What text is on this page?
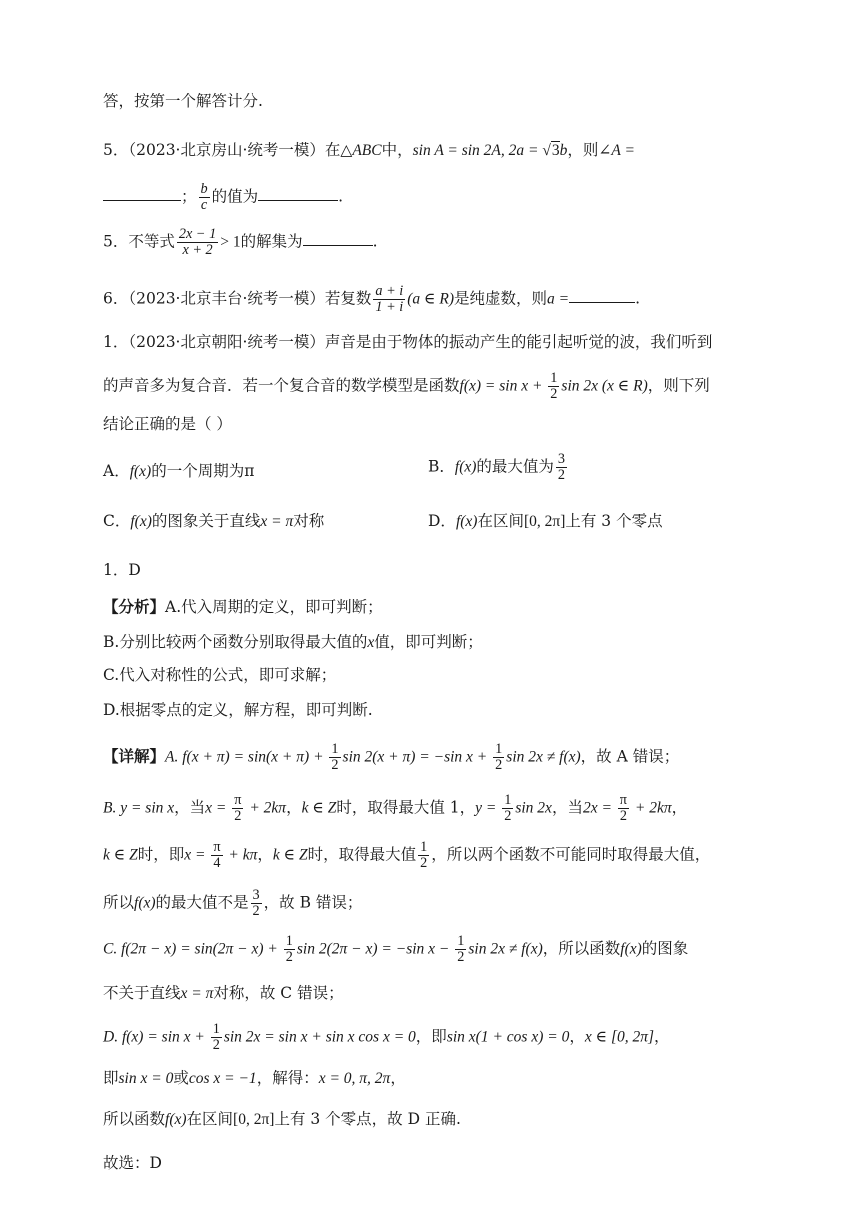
答，按第一个解答计分.
5．（2023·北京房山·统考一模）在△ABC中，sin A = sin 2A, 2a = √3b，则∠A =
； $\frac{b}{c}$ 的值为	.
5．不等式 $\frac{2x - 1}{x + 2} > 1$的解集为	.
6．（2023·北京丰台·统考一模）若复数 $\frac{a + i}{1 + i} (a$ ∈ R)是纯虚数，则a =	.
1．（2023·北京朝阳·统考一模）声音是由于物体的振动产生的能引起听觉的波，我们听到
的声音多为复合音．若一个复合音的数学模型是函数$f(x) = \sin x + \frac{1}{2}$ sin 2x (x ∈ R)，则下列
结论正确的是（ ）
A．f(x)的一个周期为π	B．f(x)的最大值为 $\frac{3}{2}$
C．f(x)的图象关于直线x = π对称	D．f(x)在区间[0, 2π]上有 3 个零点
1．D
【分析】A.代入周期的定义，即可判断；
B.分别比较两个函数分别取得最大值的x值，即可判断；
C.代入对称性的公式，即可求解；
D.根据零点的定义，解方程，即可判断.
【详解】A. $f(x + \pi) = \sin(x + \pi) + \frac{1}{2}$ sin 2(x + π) = −sin $x + \frac{1}{2}$ sin 2x ≠ f(x)，故 A 错误；
B. y = sin x，当$x = \frac{\pi}{2} + 2k\pi$，k ∈ Z时，取得最大值 1，$y = \frac{1}{2}$ sin 2x，当$2x = \frac{\pi}{2} + 2k\pi$，
k ∈ Z时，即$x = \frac{\pi}{4} + k\pi$，k ∈ Z时，取得最大值 $\frac{1}{2}$ ，所以两个函数不可能同时取得最大值，
所以f(x)的最大值不是 $\frac{3}{2}$ ，故 B 错误；
C. $f(2\pi - x) = \sin(2\pi - x) + \frac{1}{2}$ sin 2(2π − x) = −sin $x - \frac{1}{2}$ sin 2x ≠ f(x)，所以函数f(x)的图象
不关于直线x = π对称，故 C 错误；
D. $f(x) = \sin x + \frac{1}{2}$ sin 2x = sin x + sin x cos x = 0，即sin x(1 + cos x) = 0，x ∈ [0, 2π]，
即sin x = 0或cos x = −1，解得：x = 0, π, 2π，
所以函数f(x)在区间[0, 2π]上有 3 个零点，故 D 正确.
故选：D
